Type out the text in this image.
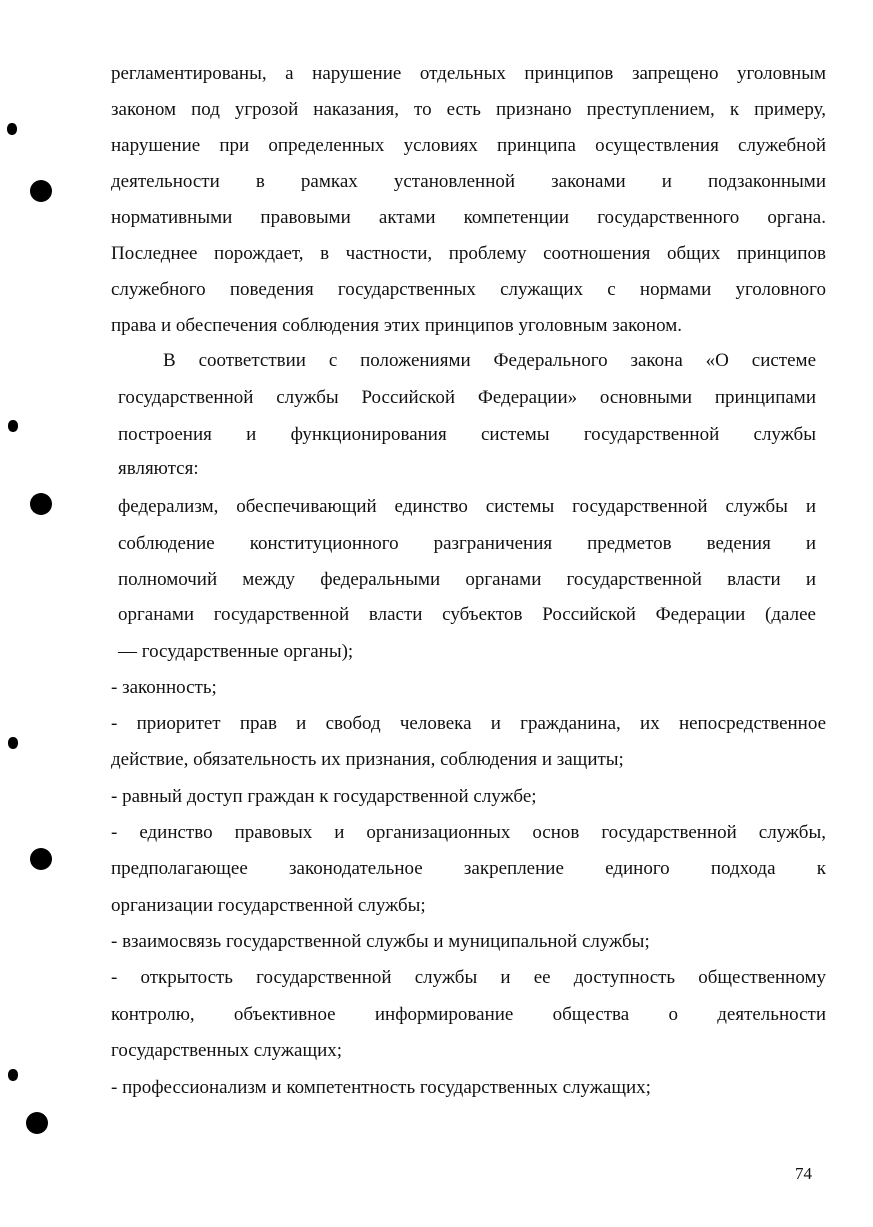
регламентированы, а нарушение отдельных принципов запрещено уголовным
законом под угрозой наказания, то есть признано преступлением, к примеру,
нарушение при определенных условиях принципа осуществления служебной
деятельности в рамках установленной законами и подзаконными
нормативными правовыми актами компетенции государственного органа.
Последнее порождает, в частности, проблему соотношения общих принципов
служебного поведения государственных служащих с нормами уголовного
права и обеспечения соблюдения этих принципов уголовным законом.
В соответствии с положениями Федерального закона «О системе
государственной службы Российской Федерации» основными принципами
построения и функционирования системы государственной службы
являются:
федерализм, обеспечивающий единство системы государственной службы и
соблюдение конституционного разграничения предметов ведения и
полномочий между федеральными органами государственной власти и
органами государственной власти субъектов Российской Федерации (далее
— государственные органы);
- законность;
- приоритет прав и свобод человека и гражданина, их непосредственное
действие, обязательность их признания, соблюдения и защиты;
- равный доступ граждан к государственной службе;
- единство правовых и организационных основ государственной службы,
предполагающее законодательное закрепление единого подхода к
организации государственной службы;
- взаимосвязь государственной службы и муниципальной службы;
- открытость государственной службы и ее доступность общественному
контролю, объективное информирование общества о деятельности
государственных служащих;
- профессионализм и компетентность государственных служащих;
74
